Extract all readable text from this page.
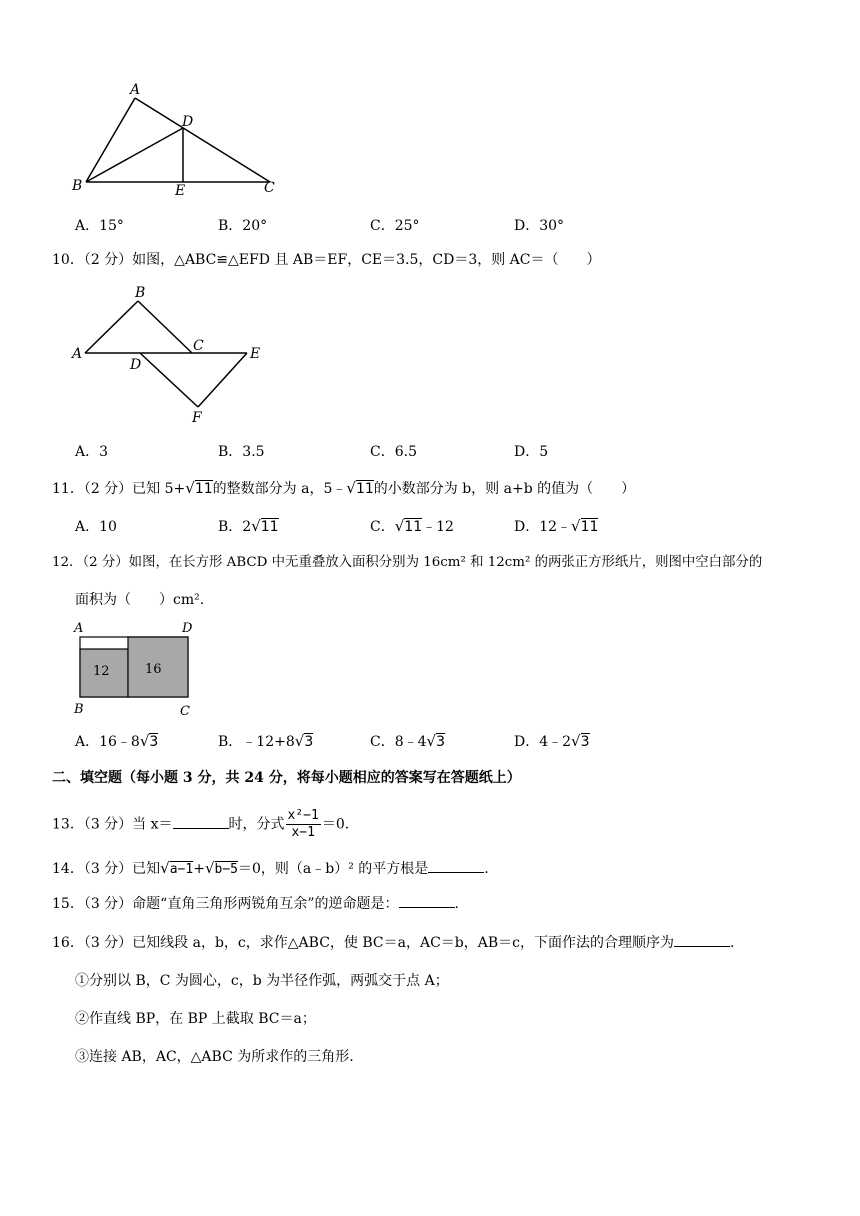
A
B	C
D
E
A．15°	B．20°	C．25°	D．30°
10．（2 分）如图，△ABC≌△EFD 且 AB＝EF，CE＝3.5，CD＝3，则 AC＝（　　）
A
B
C
D
E
F
A．3	B．3.5	C．6.5	D．5
11．（2 分）已知 5+√11的整数部分为 a，5﹣√11的小数部分为 b，则 a+b 的值为（　　）
A．10	B．2√11	C．√11﹣12	D．12﹣√11
12．（2 分）如图，在长方形 ABCD 中无重叠放入面积分别为 16cm² 和 12cm² 的两张正方形纸片，则图中空白部分的
面积为（　　）cm².
A	D
B	C
12	16
A．16﹣8√3	B．﹣12+8√3	C．8﹣4√3	D．4﹣2√3
二、填空题（每小题 3 分，共 24 分，将每小题相应的答案写在答题纸上）
13．（3 分）当 x＝	时，分式 $\frac{\text{x²−1}}{x-1} =0$.
14．（3 分）已知√a−1+√b−5＝0，则（a﹣b）² 的平方根是	.
15．（3 分）命题“直角三角形两锐角互余”的逆命题是：	.
16．（3 分）已知线段 a，b，c，求作△ABC，使 BC＝a，AC＝b，AB＝c，下面作法的合理顺序为	.
①分别以 B，C 为圆心，c，b 为半径作弧，两弧交于点 A；
②作直线 BP，在 BP 上截取 BC＝a；
③连接 AB，AC，△ABC 为所求作的三角形.
